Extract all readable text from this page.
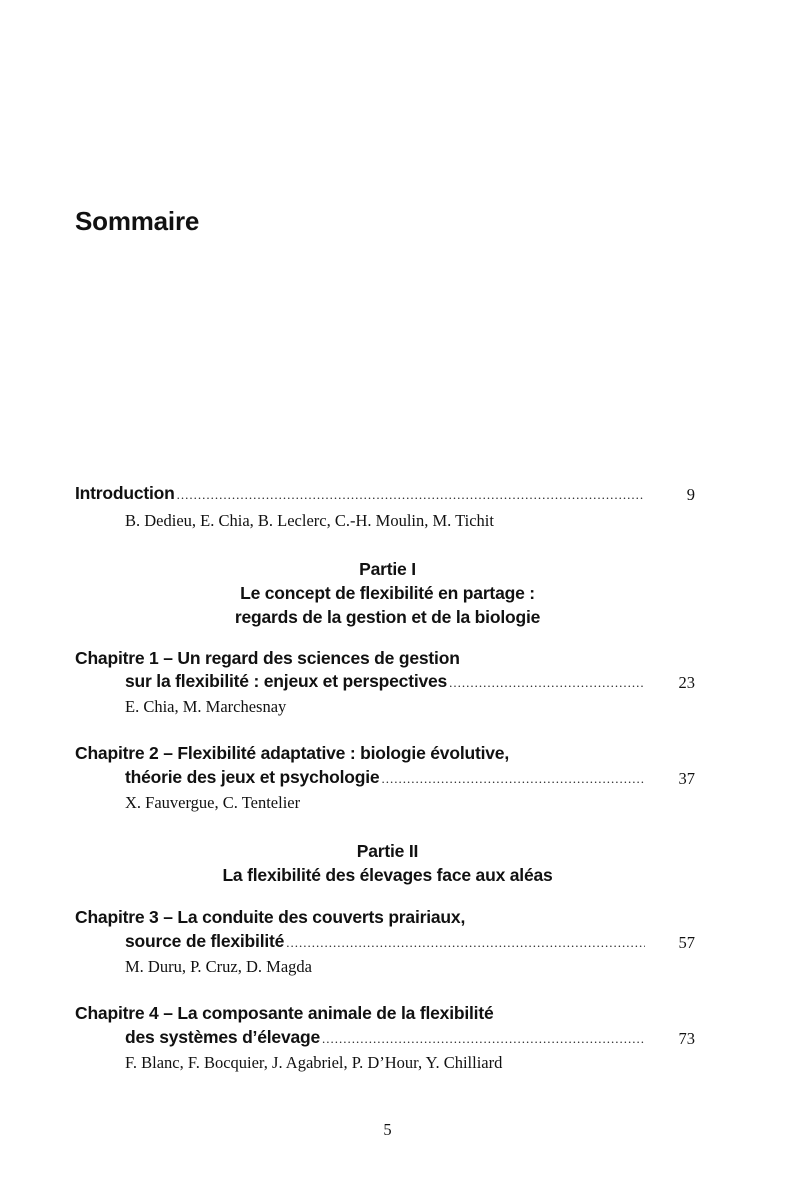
Sommaire
Introduction .....	9
B. Dedieu, E. Chia, B. Leclerc, C.-H. Moulin, M. Tichit
Partie I
Le concept de flexibilité en partage :
regards de la gestion et de la biologie
Chapitre 1 – Un regard des sciences de gestion
sur la flexibilité : enjeux et perspectives .....	23
E. Chia, M. Marchesnay
Chapitre 2 – Flexibilité adaptative : biologie évolutive,
théorie des jeux et psychologie .....	37
X. Fauvergue, C. Tentelier
Partie II
La flexibilité des élevages face aux aléas
Chapitre 3 – La conduite des couverts prairiaux,
source de flexibilité .....	57
M. Duru, P. Cruz, D. Magda
Chapitre 4 – La composante animale de la flexibilité
des systèmes d’élevage .....	73
F. Blanc, F. Bocquier, J. Agabriel, P. D’Hour, Y. Chilliard
5
